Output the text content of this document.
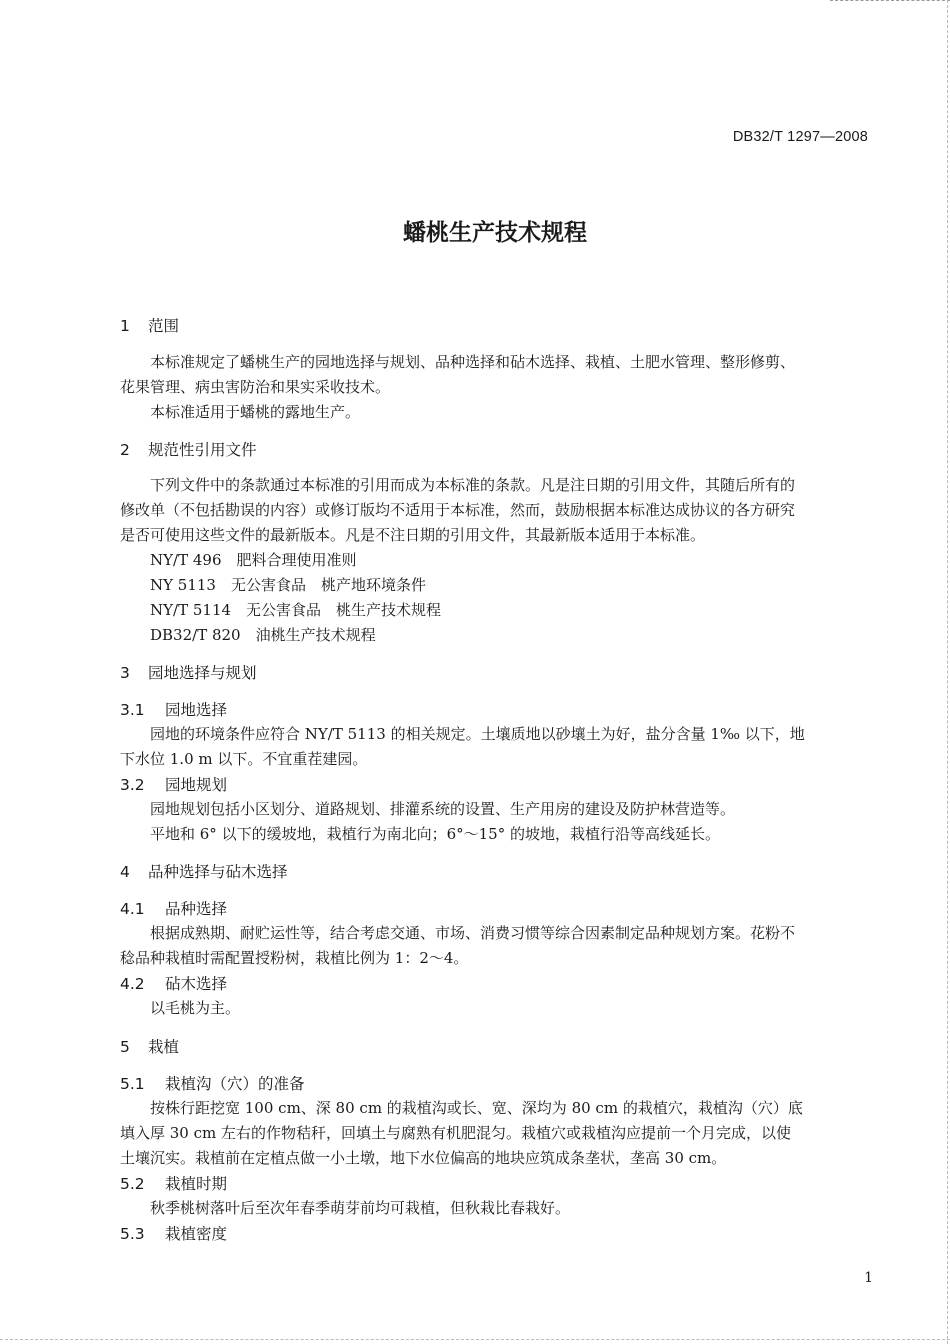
DB32/T 1297—2008
蟠桃生产技术规程
1 范围
本标准规定了蟠桃生产的园地选择与规划、品种选择和砧木选择、栽植、土肥水管理、整形修剪、
花果管理、病虫害防治和果实采收技术。
本标准适用于蟠桃的露地生产。
2 规范性引用文件
下列文件中的条款通过本标准的引用而成为本标准的条款。凡是注日期的引用文件，其随后所有的
修改单（不包括勘误的内容）或修订版均不适用于本标准，然而，鼓励根据本标准达成协议的各方研究
是否可使用这些文件的最新版本。凡是不注日期的引用文件，其最新版本适用于本标准。
NY/T 496　肥料合理使用准则
NY 5113　无公害食品　桃产地环境条件
NY/T 5114　无公害食品　桃生产技术规程
DB32/T 820　油桃生产技术规程
3 园地选择与规划
3.1 园地选择
园地的环境条件应符合 NY/T 5113 的相关规定。土壤质地以砂壤土为好，盐分含量 1‰ 以下，地
下水位 1.0 m 以下。不宜重茬建园。
3.2 园地规划
园地规划包括小区划分、道路规划、排灌系统的设置、生产用房的建设及防护林营造等。
平地和 6° 以下的缓坡地，栽植行为南北向；6°～15° 的坡地，栽植行沿等高线延长。
4 品种选择与砧木选择
4.1 品种选择
根据成熟期、耐贮运性等，结合考虑交通、市场、消费习惯等综合因素制定品种规划方案。花粉不
稔品种栽植时需配置授粉树，栽植比例为 1：2～4。
4.2 砧木选择
以毛桃为主。
5 栽植
5.1 栽植沟（穴）的准备
按株行距挖宽 100 cm、深 80 cm 的栽植沟或长、宽、深均为 80 cm 的栽植穴，栽植沟（穴）底
填入厚 30 cm 左右的作物秸秆，回填土与腐熟有机肥混匀。栽植穴或栽植沟应提前一个月完成，以使
土壤沉实。栽植前在定植点做一小土墩，地下水位偏高的地块应筑成条垄状，垄高 30 cm。
5.2 栽植时期
秋季桃树落叶后至次年春季萌芽前均可栽植，但秋栽比春栽好。
5.3 栽植密度
1
